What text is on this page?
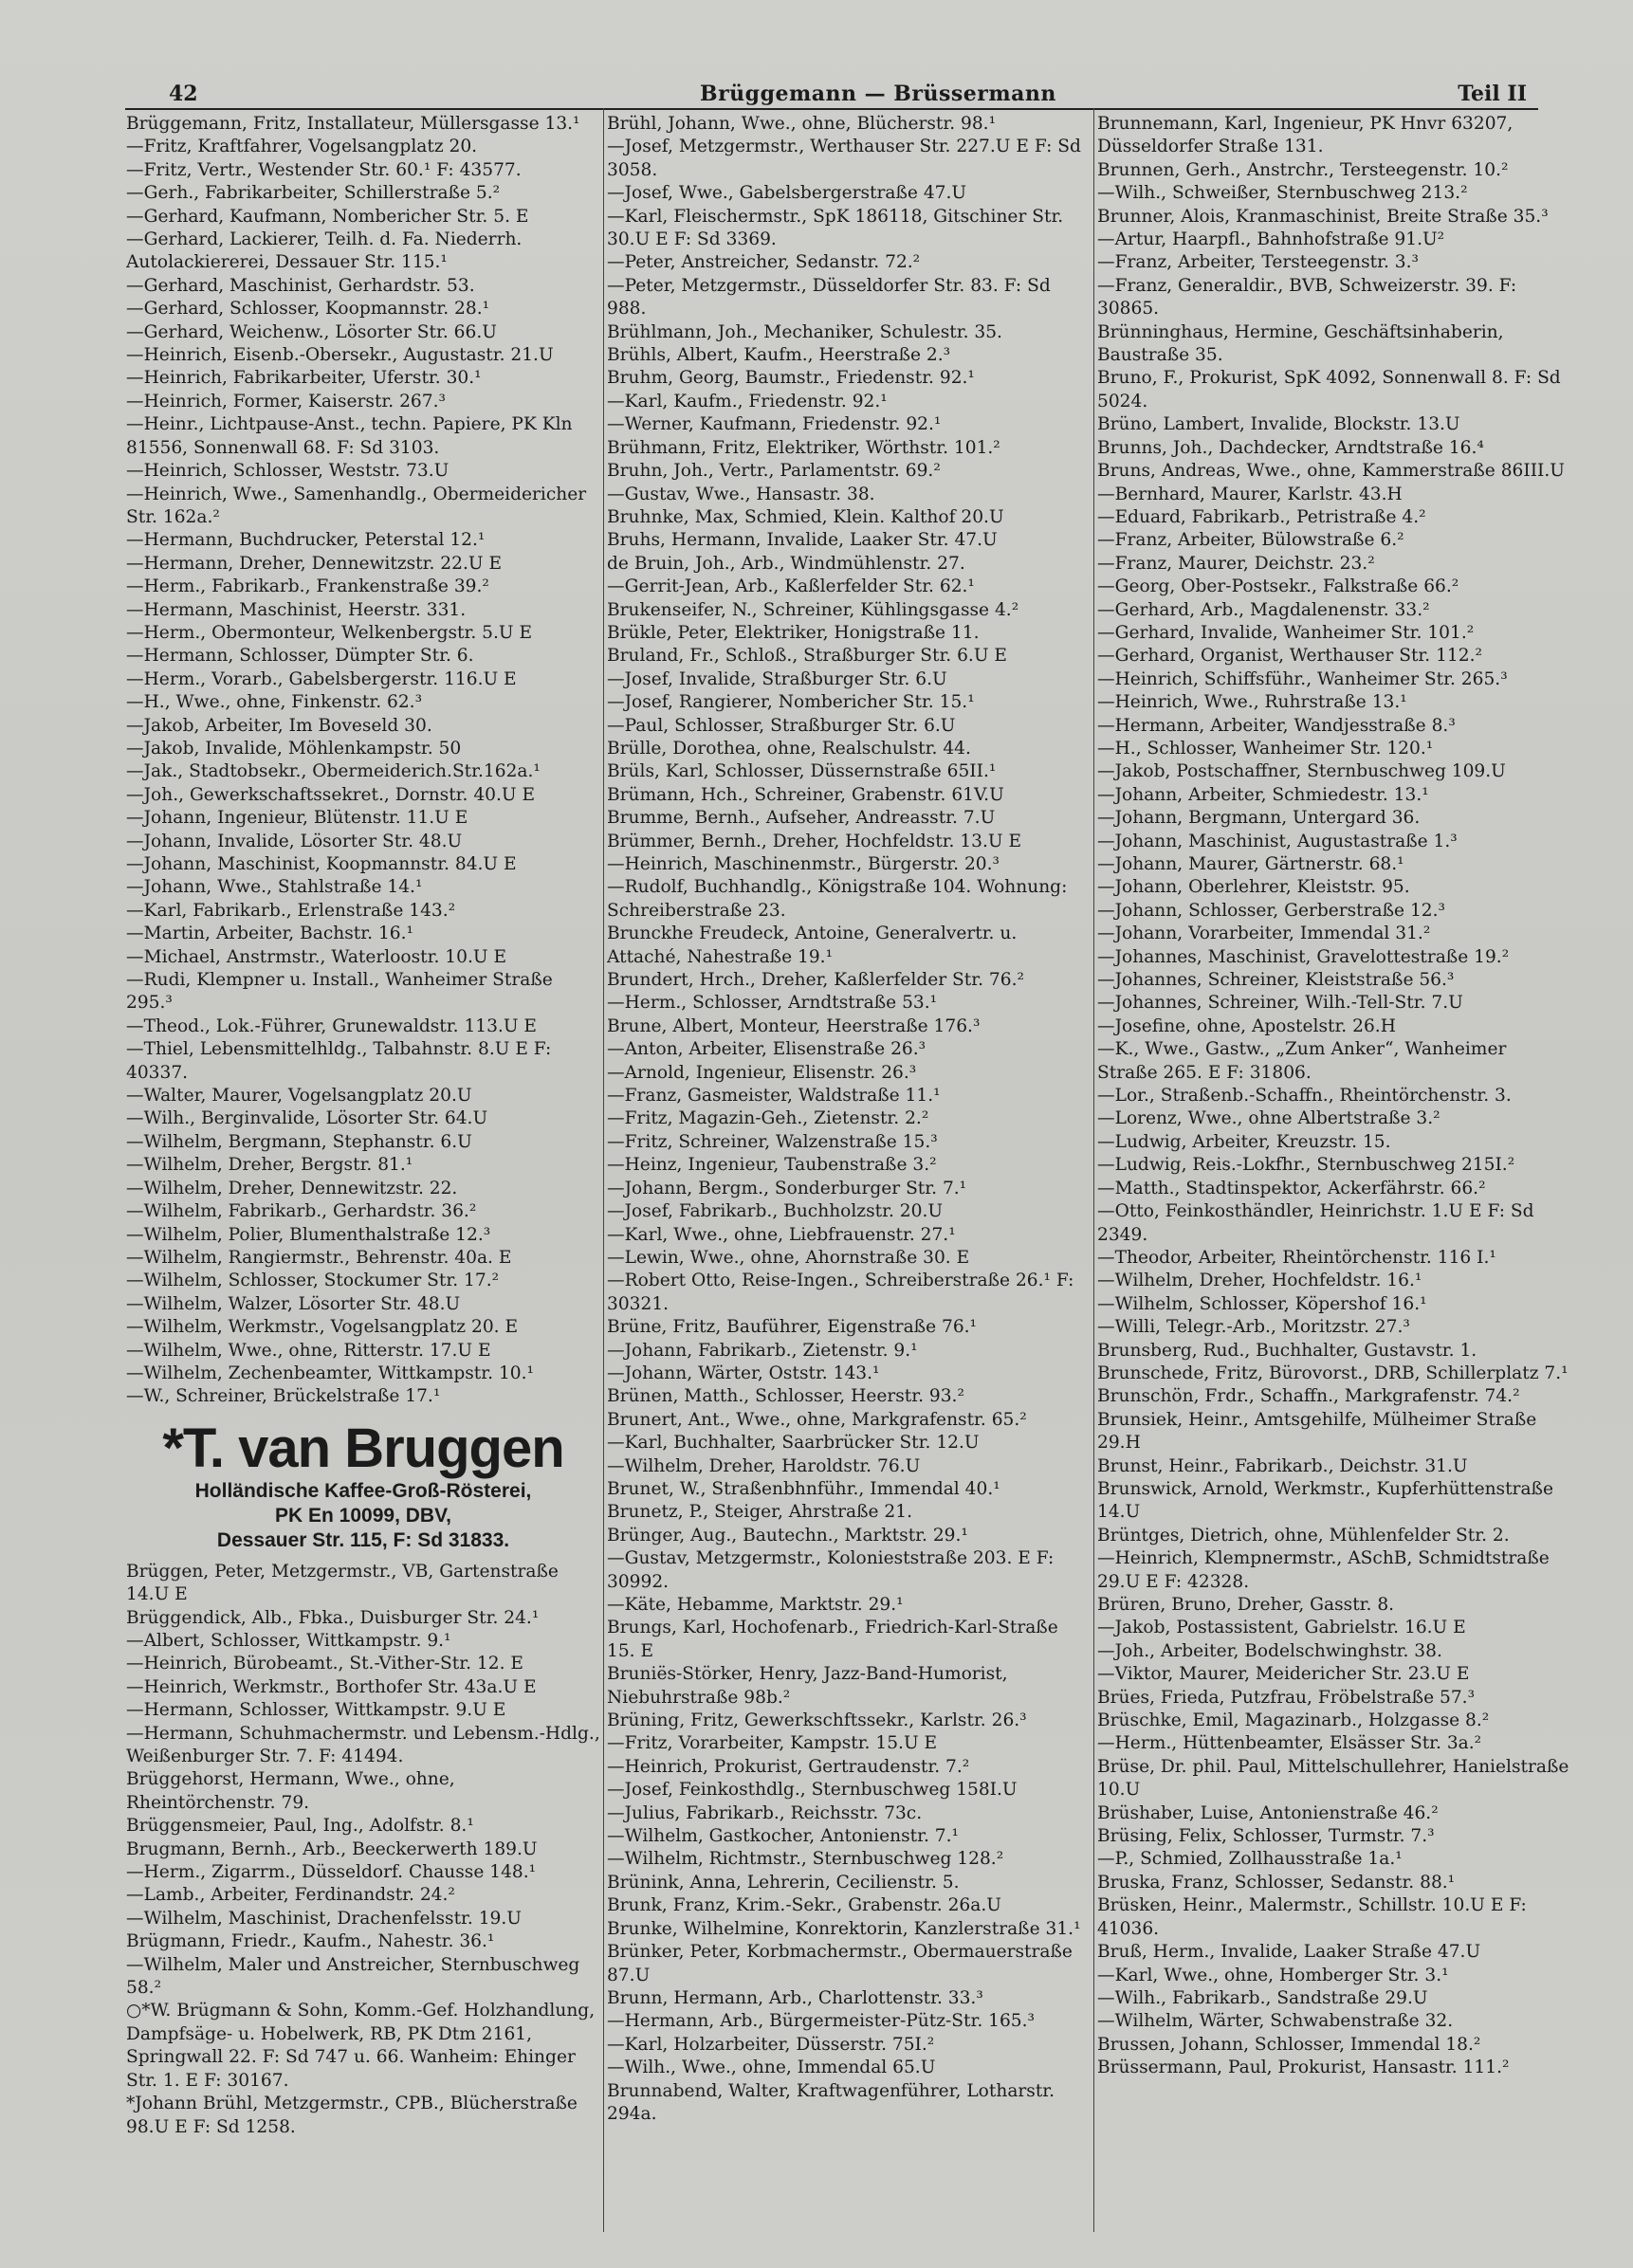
42	Brüggemann — Brüssermann	Teil II
Brüggemann, Fritz, Installateur, Müllersgasse 13.¹
—Fritz, Kraftfahrer, Vogelsangplatz 20.
—Fritz, Vertr., Westender Str. 60.¹ F: 43577.
—Gerh., Fabrikarbeiter, Schillerstraße 5.²
—Gerhard, Kaufmann, Nombericher Str. 5. E
—Gerhard, Lackierer, Teilh. d. Fa. Niederrh. Autolackiererei, Dessauer Str. 115.¹
—Gerhard, Maschinist, Gerhardstr. 53.
—Gerhard, Schlosser, Koopmannstr. 28.¹
—Gerhard, Weichenw., Lösorter Str. 66.U
—Heinrich, Eisenb.-Obersekr., Augustastr. 21.U
—Heinrich, Fabrikarbeiter, Uferstr. 30.¹
—Heinrich, Former, Kaiserstr. 267.³
—Heinr., Lichtpause-Anst., techn. Papiere, PK Kln 81556, Sonnenwall 68. F: Sd 3103.
—Heinrich, Schlosser, Weststr. 73.U
—Heinrich, Wwe., Samenhandlg., Obermeidericher Str. 162a.²
—Hermann, Buchdrucker, Peterstal 12.¹
—Hermann, Dreher, Dennewitzstr. 22.U E
—Herm., Fabrikarb., Frankenstraße 39.²
—Hermann, Maschinist, Heerstr. 331.
—Herm., Obermonteur, Welkenbergstr. 5.U E
—Hermann, Schlosser, Dümpter Str. 6.
—Herm., Vorarb., Gabelsbergerstr. 116.U E
—H., Wwe., ohne, Finkenstr. 62.³
—Jakob, Arbeiter, Im Boveseld 30.
—Jakob, Invalide, Möhlenkampstr. 50
—Jak., Stadtobsekr., Obermeiderich.Str.162a.¹
—Joh., Gewerkschaftssekret., Dornstr. 40.U E
—Johann, Ingenieur, Blütenstr. 11.U E
—Johann, Invalide, Lösorter Str. 48.U
—Johann, Maschinist, Koopmannstr. 84.U E
—Johann, Wwe., Stahlstraße 14.¹
—Karl, Fabrikarb., Erlenstraße 143.²
—Martin, Arbeiter, Bachstr. 16.¹
—Michael, Anstrmstr., Waterloostr. 10.U E
—Rudi, Klempner u. Install., Wanheimer Straße 295.³
—Theod., Lok.-Führer, Grunewaldstr. 113.U E
—Thiel, Lebensmittelhldg., Talbahnstr. 8.U E F: 40337.
—Walter, Maurer, Vogelsangplatz 20.U
—Wilh., Berginvalide, Lösorter Str. 64.U
—Wilhelm, Bergmann, Stephanstr. 6.U
—Wilhelm, Dreher, Bergstr. 81.¹
—Wilhelm, Dreher, Dennewitzstr. 22.
—Wilhelm, Fabrikarb., Gerhardstr. 36.²
—Wilhelm, Polier, Blumenthalstraße 12.³
—Wilhelm, Rangiermstr., Behrenstr. 40a. E
—Wilhelm, Schlosser, Stockumer Str. 17.²
—Wilhelm, Walzer, Lösorter Str. 48.U
—Wilhelm, Werkmstr., Vogelsangplatz 20. E
—Wilhelm, Wwe., ohne, Ritterstr. 17.U E
—Wilhelm, Zechenbeamter, Wittkampstr. 10.¹
—W., Schreiner, Brückelstraße 17.¹
*T. van Bruggen
Holländische Kaffee-Groß-Rösterei,
PK En 10099, DBV,
Dessauer Str. 115, F: Sd 31833.
Brüggen, Peter, Metzgermstr., VB, Gartenstraße 14.U E
Brüggendick, Alb., Fbka., Duisburger Str. 24.¹
—Albert, Schlosser, Wittkampstr. 9.¹
—Heinrich, Bürobeamt., St.-Vither-Str. 12. E
—Heinrich, Werkmstr., Borthofer Str. 43a.U E
—Hermann, Schlosser, Wittkampstr. 9.U E
—Hermann, Schuhmachermstr. und Lebensm.-Hdlg., Weißenburger Str. 7. F: 41494.
Brüggehorst, Hermann, Wwe., ohne, Rheintörchenstr. 79.
Brüggensmeier, Paul, Ing., Adolfstr. 8.¹
Brugmann, Bernh., Arb., Beeckerwerth 189.U
—Herm., Zigarrm., Düsseldorf. Chausse 148.¹
—Lamb., Arbeiter, Ferdinandstr. 24.²
—Wilhelm, Maschinist, Drachenfelsstr. 19.U
Brügmann, Friedr., Kaufm., Nahestr. 36.¹
—Wilhelm, Maler und Anstreicher, Sternbuschweg 58.²
○*W. Brügmann & Sohn, Komm.-Gef. Holzhandlung, Dampfsäge- u. Hobelwerk, RB, PK Dtm 2161, Springwall 22. F: Sd 747 u. 66. Wanheim: Ehinger Str. 1. E F: 30167.
*Johann Brühl, Metzgermstr., CPB., Blücherstraße 98.U E F: Sd 1258.
Brühl, Johann, Wwe., ohne, Blücherstr. 98.¹
—Josef, Metzgermstr., Werthauser Str. 227.U E F: Sd 3058.
—Josef, Wwe., Gabelsbergerstraße 47.U
—Karl, Fleischermstr., SpK 186118, Gitschiner Str. 30.U E F: Sd 3369.
—Peter, Anstreicher, Sedanstr. 72.²
—Peter, Metzgermstr., Düsseldorfer Str. 83. F: Sd 988.
Brühlmann, Joh., Mechaniker, Schulestr. 35.
Brühls, Albert, Kaufm., Heerstraße 2.³
Bruhm, Georg, Baumstr., Friedenstr. 92.¹
—Karl, Kaufm., Friedenstr. 92.¹
—Werner, Kaufmann, Friedenstr. 92.¹
Brühmann, Fritz, Elektriker, Wörthstr. 101.²
Bruhn, Joh., Vertr., Parlamentstr. 69.²
—Gustav, Wwe., Hansastr. 38.
Bruhnke, Max, Schmied, Klein. Kalthof 20.U
Bruhs, Hermann, Invalide, Laaker Str. 47.U
de Bruin, Joh., Arb., Windmühlenstr. 27.
—Gerrit-Jean, Arb., Kaßlerfelder Str. 62.¹
Brukenseifer, N., Schreiner, Kühlingsgasse 4.²
Brükle, Peter, Elektriker, Honigstraße 11.
Bruland, Fr., Schloß., Straßburger Str. 6.U E
—Josef, Invalide, Straßburger Str. 6.U
—Josef, Rangierer, Nombericher Str. 15.¹
—Paul, Schlosser, Straßburger Str. 6.U
Brülle, Dorothea, ohne, Realschulstr. 44.
Brüls, Karl, Schlosser, Düssernstraße 65II.¹
Brümann, Hch., Schreiner, Grabenstr. 61V.U
Brumme, Bernh., Aufseher, Andreasstr. 7.U
Brümmer, Bernh., Dreher, Hochfeldstr. 13.U E
—Heinrich, Maschinenmstr., Bürgerstr. 20.³
—Rudolf, Buchhandlg., Königstraße 104. Wohnung: Schreiberstraße 23.
Brunckhe Freudeck, Antoine, Generalvertr. u. Attaché, Nahestraße 19.¹
Brundert, Hrch., Dreher, Kaßlerfelder Str. 76.²
—Herm., Schlosser, Arndtstraße 53.¹
Brune, Albert, Monteur, Heerstraße 176.³
—Anton, Arbeiter, Elisenstraße 26.³
—Arnold, Ingenieur, Elisenstr. 26.³
—Franz, Gasmeister, Waldstraße 11.¹
—Fritz, Magazin-Geh., Zietenstr. 2.²
—Fritz, Schreiner, Walzenstraße 15.³
—Heinz, Ingenieur, Taubenstraße 3.²
—Johann, Bergm., Sonderburger Str. 7.¹
—Josef, Fabrikarb., Buchholzstr. 20.U
—Karl, Wwe., ohne, Liebfrauenstr. 27.¹
—Lewin, Wwe., ohne, Ahornstraße 30. E
—Robert Otto, Reise-Ingen., Schreiberstraße 26.¹ F: 30321.
Brüne, Fritz, Bauführer, Eigenstraße 76.¹
—Johann, Fabrikarb., Zietenstr. 9.¹
—Johann, Wärter, Oststr. 143.¹
Brünen, Matth., Schlosser, Heerstr. 93.²
Brunert, Ant., Wwe., ohne, Markgrafenstr. 65.²
—Karl, Buchhalter, Saarbrücker Str. 12.U
—Wilhelm, Dreher, Haroldstr. 76.U
Brunet, W., Straßenbhnführ., Immendal 40.¹
Brunetz, P., Steiger, Ahrstraße 21.
Brünger, Aug., Bautechn., Marktstr. 29.¹
—Gustav, Metzgermstr., Kolonieststraße 203. E F: 30992.
—Käte, Hebamme, Marktstr. 29.¹
Brungs, Karl, Hochofenarb., Friedrich-Karl-Straße 15. E
Bruniës-Störker, Henry, Jazz-Band-Humorist, Niebuhrstraße 98b.²
Brüning, Fritz, Gewerkschftssekr., Karlstr. 26.³
—Fritz, Vorarbeiter, Kampstr. 15.U E
—Heinrich, Prokurist, Gertraudenstr. 7.²
—Josef, Feinkosthdlg., Sternbuschweg 158I.U
—Julius, Fabrikarb., Reichsstr. 73c.
—Wilhelm, Gastkocher, Antonienstr. 7.¹
—Wilhelm, Richtmstr., Sternbuschweg 128.²
Brünink, Anna, Lehrerin, Cecilienstr. 5.
Brunk, Franz, Krim.-Sekr., Grabenstr. 26a.U
Brunke, Wilhelmine, Konrektorin, Kanzlerstraße 31.¹
Brünker, Peter, Korbmachermstr., Obermauerstraße 87.U
Brunn, Hermann, Arb., Charlottenstr. 33.³
—Hermann, Arb., Bürgermeister-Pütz-Str. 165.³
—Karl, Holzarbeiter, Düsserstr. 75I.²
—Wilh., Wwe., ohne, Immendal 65.U
Brunnabend, Walter, Kraftwagenführer, Lotharstr. 294a.
Brunnemann, Karl, Ingenieur, PK Hnvr 63207, Düsseldorfer Straße 131.
Brunnen, Gerh., Anstrchr., Tersteegenstr. 10.²
—Wilh., Schweißer, Sternbuschweg 213.²
Brunner, Alois, Kranmaschinist, Breite Straße 35.³
—Artur, Haarpfl., Bahnhofstraße 91.U²
—Franz, Arbeiter, Tersteegenstr. 3.³
—Franz, Generaldir., BVB, Schweizerstr. 39. F: 30865.
Brünninghaus, Hermine, Geschäftsinhaberin, Baustraße 35.
Bruno, F., Prokurist, SpK 4092, Sonnenwall 8. F: Sd 5024.
Brüno, Lambert, Invalide, Blockstr. 13.U
Brunns, Joh., Dachdecker, Arndtstraße 16.⁴
Bruns, Andreas, Wwe., ohne, Kammerstraße 86III.U
—Bernhard, Maurer, Karlstr. 43.H
—Eduard, Fabrikarb., Petristraße 4.²
—Franz, Arbeiter, Bülowstraße 6.²
—Franz, Maurer, Deichstr. 23.²
—Georg, Ober-Postsekr., Falkstraße 66.²
—Gerhard, Arb., Magdalenenstr. 33.²
—Gerhard, Invalide, Wanheimer Str. 101.²
—Gerhard, Organist, Werthauser Str. 112.²
—Heinrich, Schiffsführ., Wanheimer Str. 265.³
—Heinrich, Wwe., Ruhrstraße 13.¹
—Hermann, Arbeiter, Wandjesstraße 8.³
—H., Schlosser, Wanheimer Str. 120.¹
—Jakob, Postschaffner, Sternbuschweg 109.U
—Johann, Arbeiter, Schmiedestr. 13.¹
—Johann, Bergmann, Untergard 36.
—Johann, Maschinist, Augustastraße 1.³
—Johann, Maurer, Gärtnerstr. 68.¹
—Johann, Oberlehrer, Kleiststr. 95.
—Johann, Schlosser, Gerberstraße 12.³
—Johann, Vorarbeiter, Immendal 31.²
—Johannes, Maschinist, Gravelottestraße 19.²
—Johannes, Schreiner, Kleiststraße 56.³
—Johannes, Schreiner, Wilh.-Tell-Str. 7.U
—Josefine, ohne, Apostelstr. 26.H
—K., Wwe., Gastw., „Zum Anker“, Wanheimer Straße 265. E F: 31806.
—Lor., Straßenb.-Schaffn., Rheintörchenstr. 3.
—Lorenz, Wwe., ohne Albertstraße 3.²
—Ludwig, Arbeiter, Kreuzstr. 15.
—Ludwig, Reis.-Lokfhr., Sternbuschweg 215I.²
—Matth., Stadtinspektor, Ackerfährstr. 66.²
—Otto, Feinkosthändler, Heinrichstr. 1.U E F: Sd 2349.
—Theodor, Arbeiter, Rheintörchenstr. 116 I.¹
—Wilhelm, Dreher, Hochfeldstr. 16.¹
—Wilhelm, Schlosser, Köpershof 16.¹
—Willi, Telegr.-Arb., Moritzstr. 27.³
Brunsberg, Rud., Buchhalter, Gustavstr. 1.
Brunschede, Fritz, Bürovorst., DRB, Schillerplatz 7.¹
Brunschön, Frdr., Schaffn., Markgrafenstr. 74.²
Brunsiek, Heinr., Amtsgehilfe, Mülheimer Straße 29.H
Brunst, Heinr., Fabrikarb., Deichstr. 31.U
Brunswick, Arnold, Werkmstr., Kupferhüttenstraße 14.U
Brüntges, Dietrich, ohne, Mühlenfelder Str. 2.
—Heinrich, Klempnermstr., ASchB, Schmidtstraße 29.U E F: 42328.
Brüren, Bruno, Dreher, Gasstr. 8.
—Jakob, Postassistent, Gabrielstr. 16.U E
—Joh., Arbeiter, Bodelschwinghstr. 38.
—Viktor, Maurer, Meidericher Str. 23.U E
Brües, Frieda, Putzfrau, Fröbelstraße 57.³
Brüschke, Emil, Magazinarb., Holzgasse 8.²
—Herm., Hüttenbeamter, Elsässer Str. 3a.²
Brüse, Dr. phil. Paul, Mittelschullehrer, Hanielstraße 10.U
Brüshaber, Luise, Antonienstraße 46.²
Brüsing, Felix, Schlosser, Turmstr. 7.³
—P., Schmied, Zollhausstraße 1a.¹
Bruska, Franz, Schlosser, Sedanstr. 88.¹
Brüsken, Heinr., Malermstr., Schillstr. 10.U E F: 41036.
Bruß, Herm., Invalide, Laaker Straße 47.U
—Karl, Wwe., ohne, Homberger Str. 3.¹
—Wilh., Fabrikarb., Sandstraße 29.U
—Wilhelm, Wärter, Schwabenstraße 32.
Brussen, Johann, Schlosser, Immendal 18.²
Brüssermann, Paul, Prokurist, Hansastr. 111.²
